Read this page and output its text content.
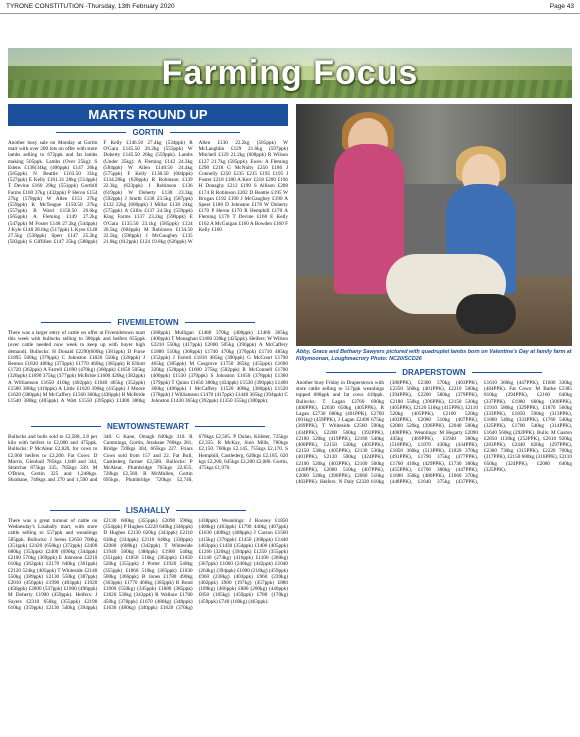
TYRONE CONSTITUTION -Thursday, 13th February 2020	Page 43
Farming Focus
MARTS ROUND UP
GORTIN

Another busy sale on Monday at Gortin mart with over 200 lots on offer with store lambs selling to 672ppk and fat lambs making 505ppk. Lambs (Over 25kg): S Edens £138(34kg (406ppk) £147 26kg (565ppk) N Beattie £163.50 31kg (527ppk) E Kelly £161.31 28kg (514ppk) T Devine £160 29kg (551ppk) Gorthill Farms £160 37kg (432ppk) P Heron £154 27kg (570ppk) W Allen £151 27kg (559ppk) K McTeague £150.50 27kg (557ppk) B Ward £150.50 26.6kg (565ppk) A Fleming £149 27.2kg (547ppk) M Foster £148 27.2kg (544ppk) J Kyle £148 28.6kg (517ppk) L Kyes £148 27.5kg (538ppk) Sperr £147 25.2kg (583ppk) S Giffillen £147 25kg (588ppk) F Kelly £146.50 27.4kg (534ppk) R O'Gara £145.50 26.2kg (555ppk) W Doherty £145.50 26kg (559ppk). Lambs (Under 25kg): A Fleming £142 24.3kg (584ppk) W Allen £140.50 24.4kg (575ppk) F Kelly £138.50 (604ppk) £134.20kg (620ppk) R Robinson £139 22.3kg (623ppk) I Robinson £136 (619ppk) W Doherty £138 23.3kg (592ppk) J Smith £138 23.5kg (587ppk) £132 22kg (600ppk) J Millar £138 24kg (575ppk) A Gillis £137 24.5kg (559ppk) King Farms £137 23.2kg (590ppk) E O'Gara £135.50 23.1kg (585ppk) £124 20.5kg (604ppk) M Robinson £134.50 22.5kg (598ppk) J McGaughey £135 21.8kg (612ppk) £124 19.8kg (626ppk) W Allen £130 22.2kg (585ppk) W McLaughlin £129 21.6kg (597ppk) Mitchell £129 21.2kg (608ppk) R Wilson £127 21.7kg (585ppk). Ewes: A Fleming £290 £218 G McNulty £250 £186 J Connelly £250 £235 £215 £195 £195 J Foster £218 £180 A Kerr £218 £200 £196 H Donaghy £212 £190 S Allison £208 £174 R Robinson £202 D Beattie £195 W Brogan £192 £190 J McGaughey £190 A Speer £188 D Johnston £178 W Doherty £170 P Heron £170 R Hemphill £170 A Fleming £170 T Devine £168 E Kelly £162 A McGuigan £160 A Bowden £160 F Kelly £160

FIVEMILETOWN

There was a larger entry of cattle on offer at Fivemiletown mart this week with bullocks selling to 306ppk and heifers 655ppk (over cattle needed now week to keep up with buyer high demand). Bullocks: H Donald £2290(600kg (381ppk) D Furse £1895 500kg (379ppk) C Johnston £1820 550kg (328ppk) J Benton £1830 480kg (373ppk) £1770 460kg (385ppk) R Elliott £1720 (362ppk) A Farrell £1690 (470kg) (360ppk) £1650 505kg (326ppk) £1690 375kg (377ppk) McBride £1600 420kg (382ppk) A Williamson £1650 410kg (402ppk) £1640 465kg (352ppk) £1580 380kg (416ppk) A Little £1620 390kg (415ppk) J Moore £1620 (380ppk) M McCaffery £1560 360kg (438ppk) B McBride £1540 380kg (405ppk) A Watt £1550 (395ppk) £1400 380kg (368ppk) Mulligan £1480 370kg (400ppk) £1460 365kg (400ppk) T Monaghan £1400 330kg (425ppk). Heifers: W Wilson £2210 550kg (417ppk) £2000 505kg (396ppk) A McCaffery £1880 510kg (368ppk) £1740 470kg (370ppk) £1710 485kg (352ppk) J Farrell £1810 485kg (390ppk) G McCourt £1790 465kg (385ppk) M Cosgrove £1750 385kg (455ppk) £1690 320kg (528ppk) £1600 275kg (582ppk) R McConnell £1700 (400ppk) £1530 (370ppk) S Johnston £1650 (378ppk) £1360 (379ppk) T Quinn £1650 380kg (434ppk) £1530 (390ppk) £1460 360kg (406ppk) J McCaffery £1520 400kg (380ppk) £1520 (378ppk) J Williamson £1470 (417ppk) £1440 365kg (394ppk) C Johnston £1430 365kg (392ppk) £1350 355kg (380ppk).

NEWTOWNSTEWART

Bullocks and bulls sold to £2,580, 2.8 per kilo with heifers to £2,000 and 475ppk. Bullocks: P McAlear £2,820, for cows to £2,060 heifers to £2,200. Fat Cows: D Morris, Glenhull 785kgs 1,048 and 344, Stratchar 875kgs 335, 785kgs 339. M O'Brien, Gortin 325 and 1,248kgs. Shrabane, 740kgs and 270 and 1,590 and 348. G Kane, Omagh 640kgs 310. R Cummings, Gortin, Strabane 780kgs 281, Bridge 720kgs 304, 665kgs 227. Friars Cows sold from 157 and 22. Fat Bull, Castlederg farmer £2,580. Bullocks: P McAlear, Plumbridge 765kgs 22,655, 720kgs £2,560. R McMullen, Gortin 695kgs, Plumbridge 720kgs £2,740, 670kgs £2,505. P Dolan, Killeter, 725kgs £2,335. R McKay, Sion Mills, 780kgs £2,150. 760kgs £2,145, 755kgs £2,170. S Hemphill, Castlederg, 620kgs £2,185, 620 kgs £2,200, 645kgs £2,200 £2,080. Gortin, 475kgs £1,970.

LISAHALLY

There was a great turnout of cattle on Wednesday's Lisahally mart, with store cattle selling to 557ppk and weanlings 585ppk. Bullocks: J Seens £2650 700kg (351ppk) £2420 (658kg) (372ppk) £2400 680kg (353ppk) £2400 (690kg (344ppk) £2100 570kg (369ppk) E Johnston £2210 610kg (362ppk) £2170 640kg (361ppk) £2120 524kg (405ppk) T Whiteside £2140 550kg (389ppk) £2130 550kg (387ppk) £2010 (456ppk) £1990 (483ppk) £1920 (456ppk) £2000 (537ppk) £1900 (496ppk) M Doherty £1990 (459ppk). Heifers: J Sayers £2310 650kg (355ppk) £2190 610kg (359ppk) £2130 540kg (394ppk) £2130 600kg (355ppk) £2090 590kg (354ppk) P Hughes £2220 640kg (346ppk) D Hughes £2130 620kg (343ppk) £2110 630kg (334ppk) £2110 640kg (330ppk) £2080 (608kg) (342ppk) T Whiteside £1940 500kg (388ppk) £1900 540kg (351ppk) £1850 510kg (362ppk) £1850 520kg (355ppk) J Porter £1920 540kg (355ppk) £1860 510kg (365ppk) £1830 500kg (366ppk) B Jones £1780 490kg (363ppk) £1770 460kg (385ppk) R Bond £1900 (550kg) (345ppk) £1880 (385ppk) £1820 530kg (343ppk) R Wallace £1700 450kg (378ppk) £1670 (480kg) (348ppk) £1630 (480kg) (340ppk) £1620 (370kg) (438ppk) Weanlings: J Rooney £1850 (400kg) (463ppk) £1790 440kg (407ppk) £1630 (400kg) (408ppk) J Carson £1560 (415kg) (376ppk) £1450 (368ppk) £1440 (403ppk) £1430 (354ppk) £1400 (405ppk) £1260 (320kg) (394ppk) £1250 (355ppk) £1140 (274kg) (416ppk) £1100 (300kg) (367ppk) £1060 (240kg) (442ppk) £1040 (264kg) (394ppk) £1000 (218kg) (459ppk) £960 (238kg) (403ppk) £960 (239kg) (402ppk) £900 (197kg) (457ppk) £880 (189kg) (466ppk) £880 (200kg) (440ppk) £850 (185kg) (459ppk) £780 (170kg) (459ppk) £740 (160kg) (463ppk).

Abby, Grace and Bethany Sawyers pictured with quadruplet lambs born on Valentine's Day at family farm at Killymoonan, Loughmacrory Photo: NC20/SCD26
DRAPERSTOWN

Another busy Friday in Draperstown with store cattle selling to 517ppk weanlings topped 688ppk and fat cows 418ppk. Bullocks: T Lagan £2760 690kg (400PPK), £2630 650kg (405PPK), R Lagan £2730 680kg (401PPK), £2760 (601kg) (459PPK), J Lagan £2490 675kg (369PPK), T Whiteside £2560 590kg (434PPK), £2200 560kg (392PPK), £2180 520kg (419PPK), £2160 540kg (400PPK), £2150 530kg (405PPK), £2150 530kg (405PPK), £2130 530kg (401PPK), £2120 500kg (424PPK), £2100 520kg (403PPK), £2100 500kg (420PPK), £2080 510kg (407PPK), £2060 520kg (396PPK), £2060 510kg (403PPK). Heifers: N Daly £2320 610kg (380PPK), £2300 570kg (403PPK), £2250 560kg (401PPK), £2210 560kg (394PPK), £2200 580kg (379PPK), £2180 550kg (396PPK), £2150 530kg (405PPK), £2120 510kg (415PPK), £2110 520kg (405PPK), £2100 520kg (403PPK), £2080 510kg (407PPK), £2060 520kg (396PPK), £2040 500kg (408PPK). Weanlings: M Hegarty £2090 445kg (469PPK), £1940 380kg (510PPK), £1870 430kg (434PPK), £1850 360kg (513PPK), £1820 370kg (491PPK), £1790 375kg (477PPK), £1760 410kg (429PPK), £1730 380kg (455PPK), £1700 380kg (447PPK), £1680 350kg (480PPK), £1660 370kg (448PPK), £1640 375kg (437PPK), £1610 360kg (447PPK), £1600 330kg (484PPK). Fat Cows: M Burke £2385 810kg (294PPK), £2160 640kg (337PPK), £1980 660kg (300PPK), £1910 580kg (329PPK), £1870 560kg (333PPK), £1850 590kg (313PPK), £1800 540kg (333PPK), £1760 540kg (325PPK), £1700 540kg (314PPK), £1640 560kg (292PPK). Bulls: M Gaston £2850 1130kg (252PPK), £2610 920kg (283PPK), £2440 820kg (297PPK), £2300 730kg (315PPK), £2220 700kg (317PPK), £2150 680kg (316PPK), £2110 650kg (324PPK), £2080 640kg (325PPK).
